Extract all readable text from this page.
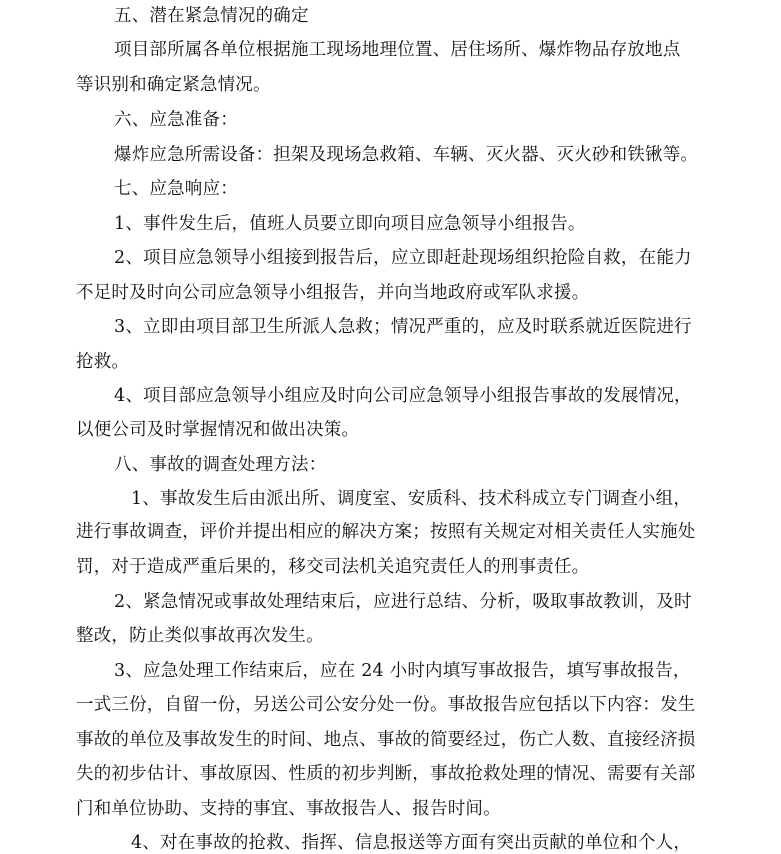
五、潜在紧急情况的确定
项目部所属各单位根据施工现场地理位置、居住场所、爆炸物品存放地点
等识别和确定紧急情况。
六、应急准备：
爆炸应急所需设备：担架及现场急救箱、车辆、灭火器、灭火砂和铁锹等。
七、应急响应：
1、事件发生后，值班人员要立即向项目应急领导小组报告。
2、项目应急领导小组接到报告后，应立即赶赴现场组织抢险自救，在能力
不足时及时向公司应急领导小组报告，并向当地政府或军队求援。
3、立即由项目部卫生所派人急救；情况严重的，应及时联系就近医院进行
抢救。
4、项目部应急领导小组应及时向公司应急领导小组报告事故的发展情况，
以便公司及时掌握情况和做出决策。
八、事故的调查处理方法：
1、事故发生后由派出所、调度室、安质科、技术科成立专门调查小组，
进行事故调查，评价并提出相应的解决方案；按照有关规定对相关责任人实施处
罚，对于造成严重后果的，移交司法机关追究责任人的刑事责任。
2、紧急情况或事故处理结束后，应进行总结、分析，吸取事故教训，及时
整改，防止类似事故再次发生。
3、应急处理工作结束后，应在 24 小时内填写事故报告，填写事故报告，
一式三份，自留一份，另送公司公安分处一份。事故报告应包括以下内容：发生
事故的单位及事故发生的时间、地点、事故的简要经过，伤亡人数、直接经济损
失的初步估计、事故原因、性质的初步判断，事故抢救处理的情况、需要有关部
门和单位协助、支持的事宜、事故报告人、报告时间。
4、对在事故的抢救、指挥、信息报送等方面有突出贡献的单位和个人，
